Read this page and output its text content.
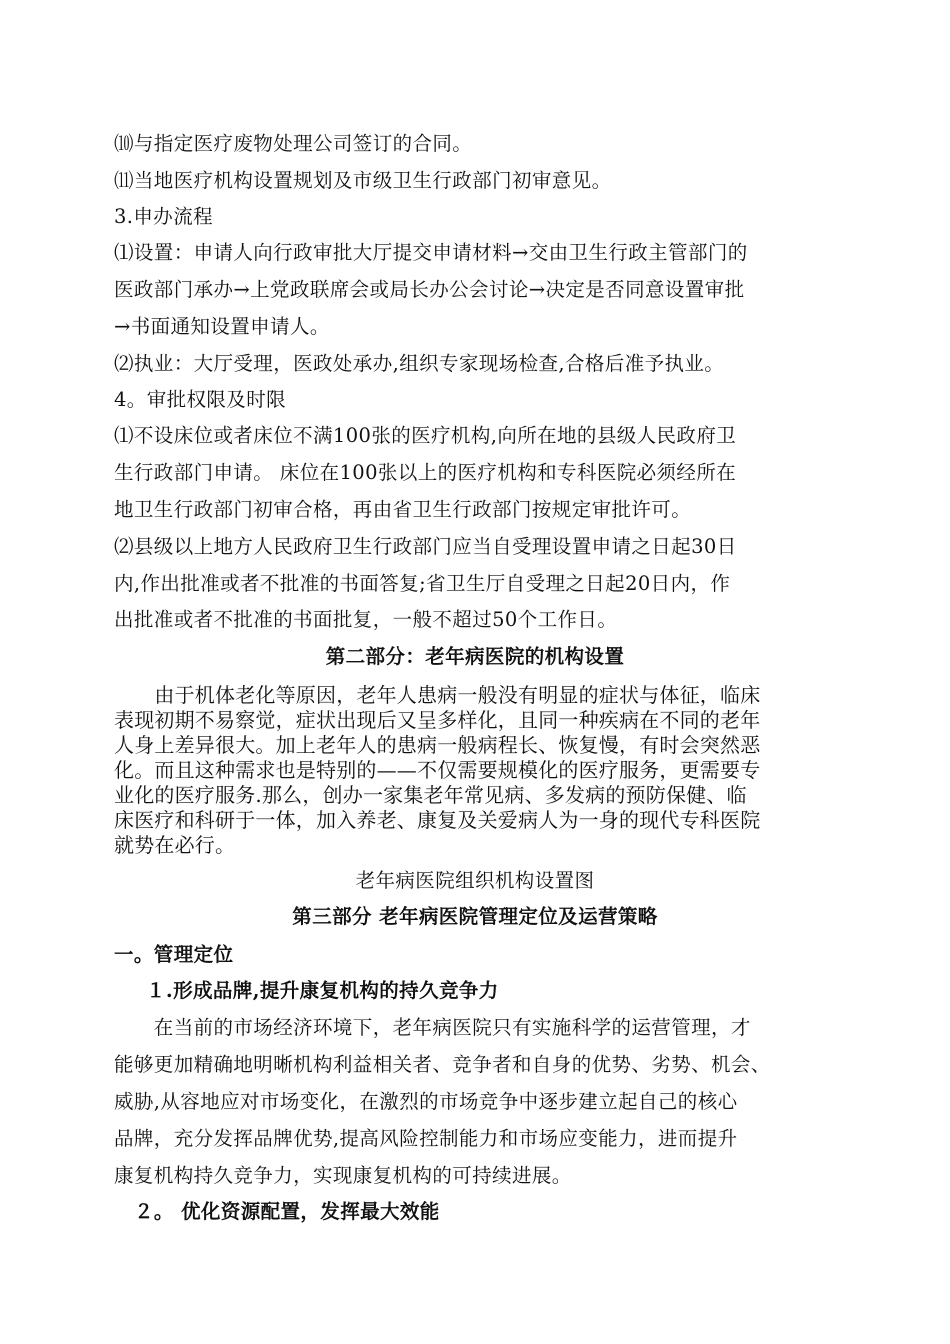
⑽与指定医疗废物处理公司签订的合同。

⑾当地医疗机构设置规划及市级卫生行政部门初审意见。

3.申办流程

⑴设置：申请人向行政审批大厅提交申请材料→交由卫生行政主管部门的

医政部门承办→上党政联席会或局长办公会讨论→决定是否同意设置审批

→书面通知设置申请人。

⑵执业：大厅受理，医政处承办,组织专家现场检查,合格后准予执业。

4。审批权限及时限

⑴不设床位或者床位不满100张的医疗机构,向所在地的县级人民政府卫

生行政部门申请。 床位在100张以上的医疗机构和专科医院必须经所在

地卫生行政部门初审合格，再由省卫生行政部门按规定审批许可。

⑵县级以上地方人民政府卫生行政部门应当自受理设置申请之日起30日

内,作出批准或者不批准的书面答复;省卫生厅自受理之日起20日内，作

出批准或者不批准的书面批复，一般不超过50个工作日。

第二部分：老年病医院的机构设置

　　由于机体老化等原因，老年人患病一般没有明显的症状与体征，临床

表现初期不易察觉，症状出现后又呈多样化，且同一种疾病在不同的老年

人身上差异很大。加上老年人的患病一般病程长、恢复慢，有时会突然恶

化。而且这种需求也是特别的——不仅需要规模化的医疗服务，更需要专

业化的医疗服务.那么，创办一家集老年常见病、多发病的预防保健、临

床医疗和科研于一体，加入养老、康复及关爱病人为一身的现代专科医院

就势在必行。

老年病医院组织机构设置图

第三部分 老年病医院管理定位及运营策略

一。管理定位

１.形成品牌,提升康复机构的持久竞争力

　　在当前的市场经济环境下，老年病医院只有实施科学的运营管理，才

能够更加精确地明晰机构利益相关者、竞争者和自身的优势、劣势、机会、

威胁,从容地应对市场变化，在激烈的市场竞争中逐步建立起自己的核心

品牌，充分发挥品牌优势,提高风险控制能力和市场应变能力，进而提升

康复机构持久竞争力，实现康复机构的可持续进展。

２。 优化资源配置，发挥最大效能
